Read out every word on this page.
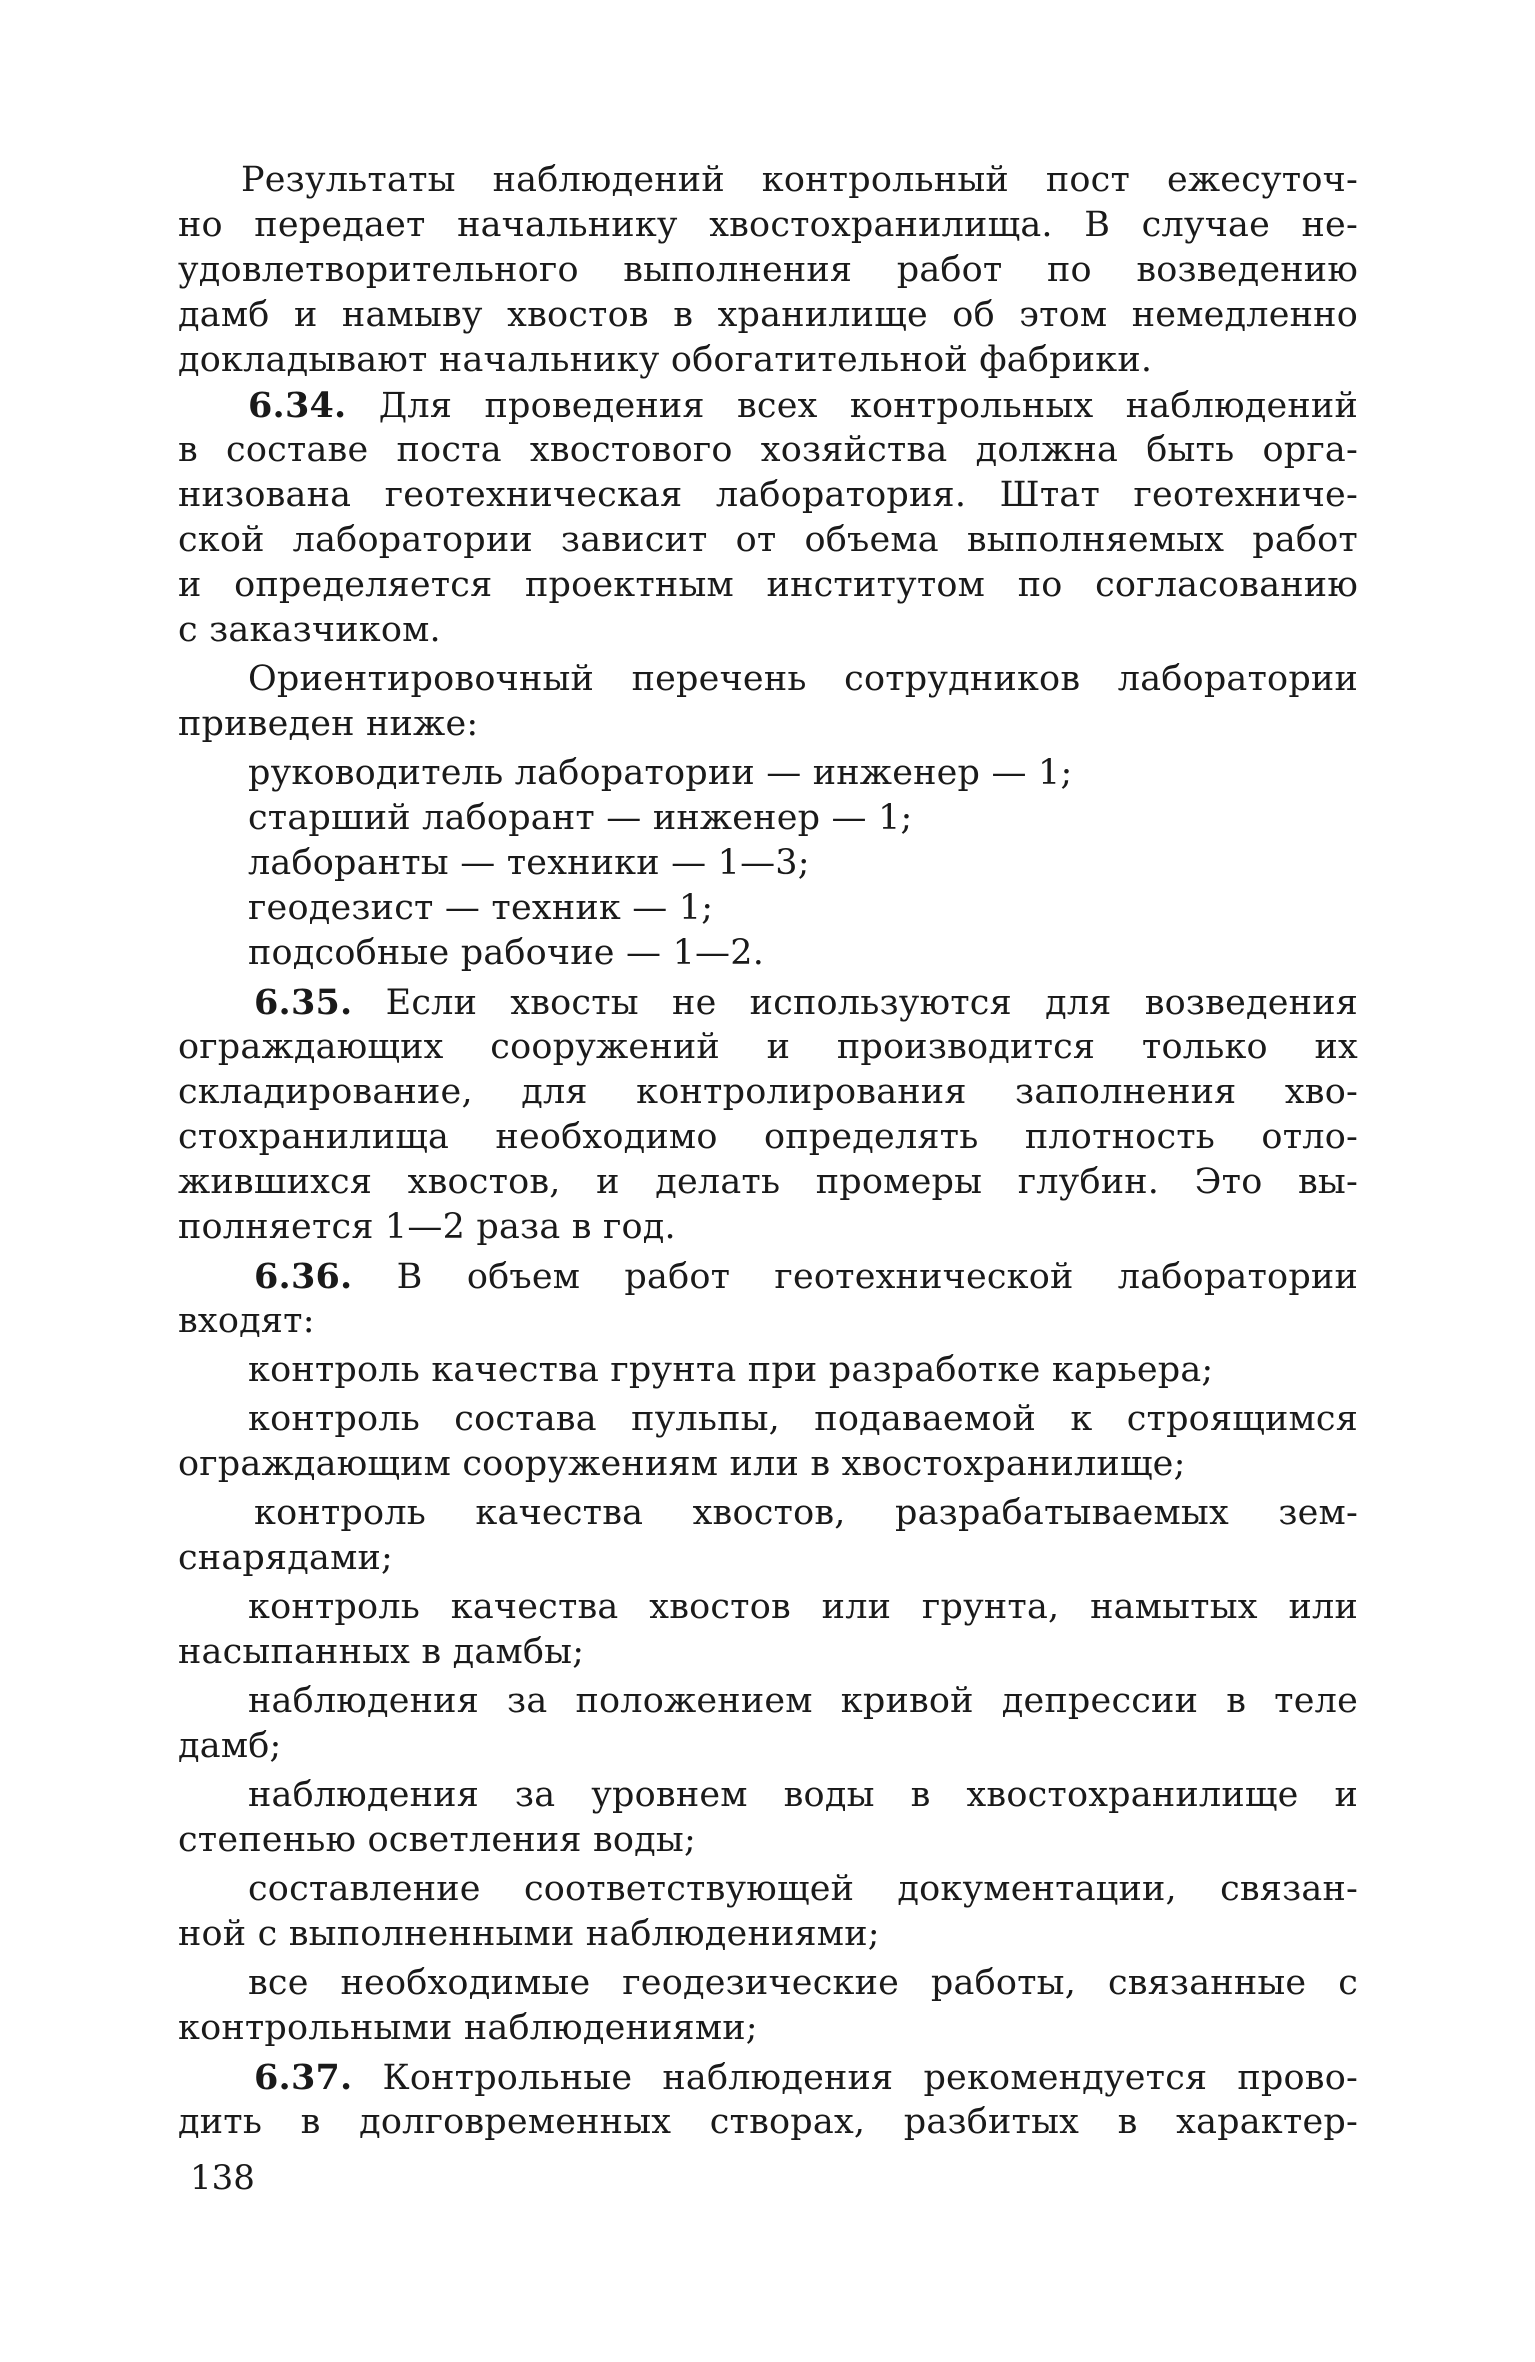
Результаты наблюдений контрольный пост ежесуточ-
но передает начальнику хвостохранилища. В случае не-
удовлетворительного выполнения работ по возведению
дамб и намыву хвостов в хранилище об этом немедленно
докладывают начальнику обогатительной фабрики.
6.34. Для проведения всех контрольных наблюдений
в составе поста хвостового хозяйства должна быть орга-
низована геотехническая лаборатория. Штат геотехниче-
ской лаборатории зависит от объема выполняемых работ
и определяется проектным институтом по согласованию
с заказчиком.
Ориентировочный перечень сотрудников лаборатории
приведен ниже:
руководитель лаборатории — инженер — 1;
старший лаборант — инженер — 1;
лаборанты — техники — 1—3;
геодезист — техник — 1;
подсобные рабочие — 1—2.
6.35. Если хвосты не используются для возведения
ограждающих сооружений и производится только их
складирование, для контролирования заполнения хво-
стохранилища необходимо определять плотность отло-
жившихся хвостов, и делать промеры глубин. Это вы-
полняется 1—2 раза в год.
6.36. В объем работ геотехнической лаборатории
входят:
контроль качества грунта при разработке карьера;
контроль состава пульпы, подаваемой к строящимся
ограждающим сооружениям или в хвостохранилище;
контроль качества хвостов, разрабатываемых зем-
снарядами;
контроль качества хвостов или грунта, намытых или
насыпанных в дамбы;
наблюдения за положением кривой депрессии в теле
дамб;
наблюдения за уровнем воды в хвостохранилище и
степенью осветления воды;
составление соответствующей документации, связан-
ной с выполненными наблюдениями;
все необходимые геодезические работы, связанные с
контрольными наблюдениями;
6.37. Контрольные наблюдения рекомендуется прово-
дить в долговременных створах, разбитых в характер-
138
